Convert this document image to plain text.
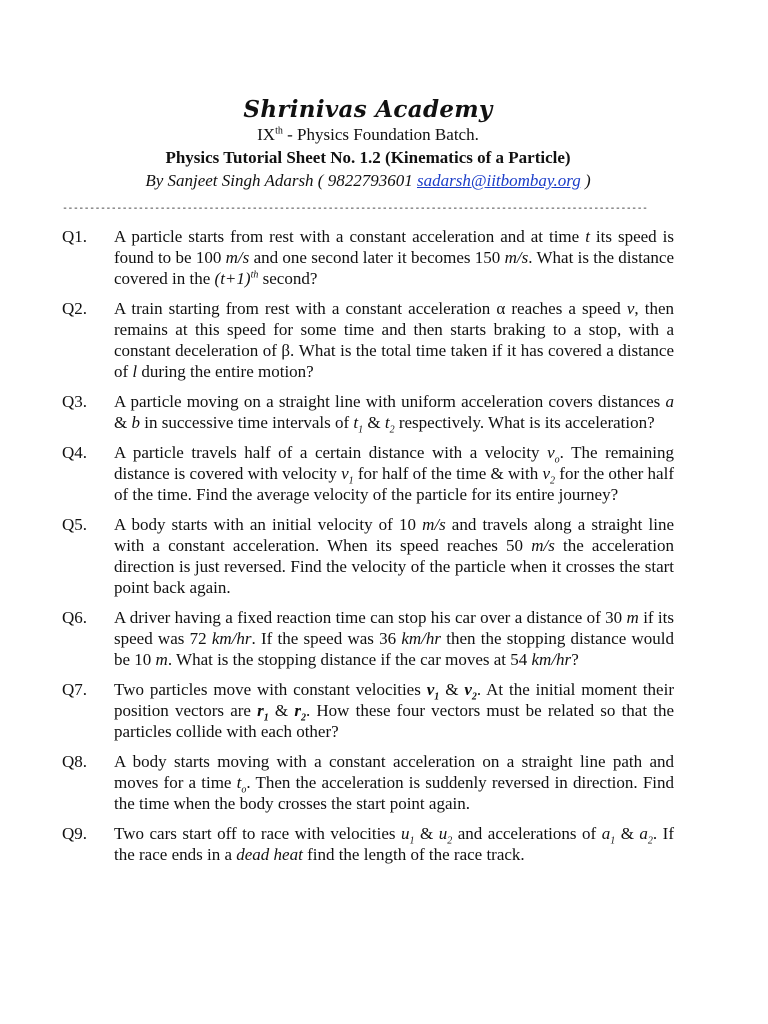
Shrinivas Academy
IXth - Physics Foundation Batch.
Physics Tutorial Sheet No. 1.2 (Kinematics of a Particle)
By Sanjeet Singh Adarsh ( 9822793601 sadarsh@iitbombay.org )
------------------------------------------------------------------------------------------------------------
Q1.	A particle starts from rest with a constant acceleration and at time t its speed is found to be 100 m/s and one second later it becomes 150 m/s. What is the distance covered in the $(t+1)^{th}$ second?
Q2.	A train starting from rest with a constant acceleration α reaches a speed v, then remains at this speed for some time and then starts braking to a stop, with a constant deceleration of β. What is the total time taken if it has covered a distance of l during the entire motion?
Q3.	A particle moving on a straight line with uniform acceleration covers distances a & b in successive time intervals of $t_1$ & $t_2$ respectively. What is its acceleration?
Q4.	A particle travels half of a certain distance with a velocity $v_o$. The remaining distance is covered with velocity $v_1$ for half of the time & with $v_2$ for the other half of the time. Find the average velocity of the particle for its entire journey?
Q5.	A body starts with an initial velocity of 10 m/s and travels along a straight line with a constant acceleration. When its speed reaches 50 m/s the acceleration direction is just reversed. Find the velocity of the particle when it crosses the start point back again.
Q6.	A driver having a fixed reaction time can stop his car over a distance of 30 m if its speed was 72 km/hr. If the speed was 36 km/hr then the stopping distance would be 10 m. What is the stopping distance if the car moves at 54 km/hr?
Q7.	Two particles move with constant velocities $v_1$ & $v_2$. At the initial moment their position vectors are $r_1$ & $r_2$. How these four vectors must be related so that the particles collide with each other?
Q8.	A body starts moving with a constant acceleration on a straight line path and moves for a time $t_o$. Then the acceleration is suddenly reversed in direction. Find the time when the body crosses the start point again.
Q9.	Two cars start off to race with velocities $u_1$ & $u_2$ and accelerations of $a_1$ & $a_2$. If the race ends in a dead heat find the length of the race track.
